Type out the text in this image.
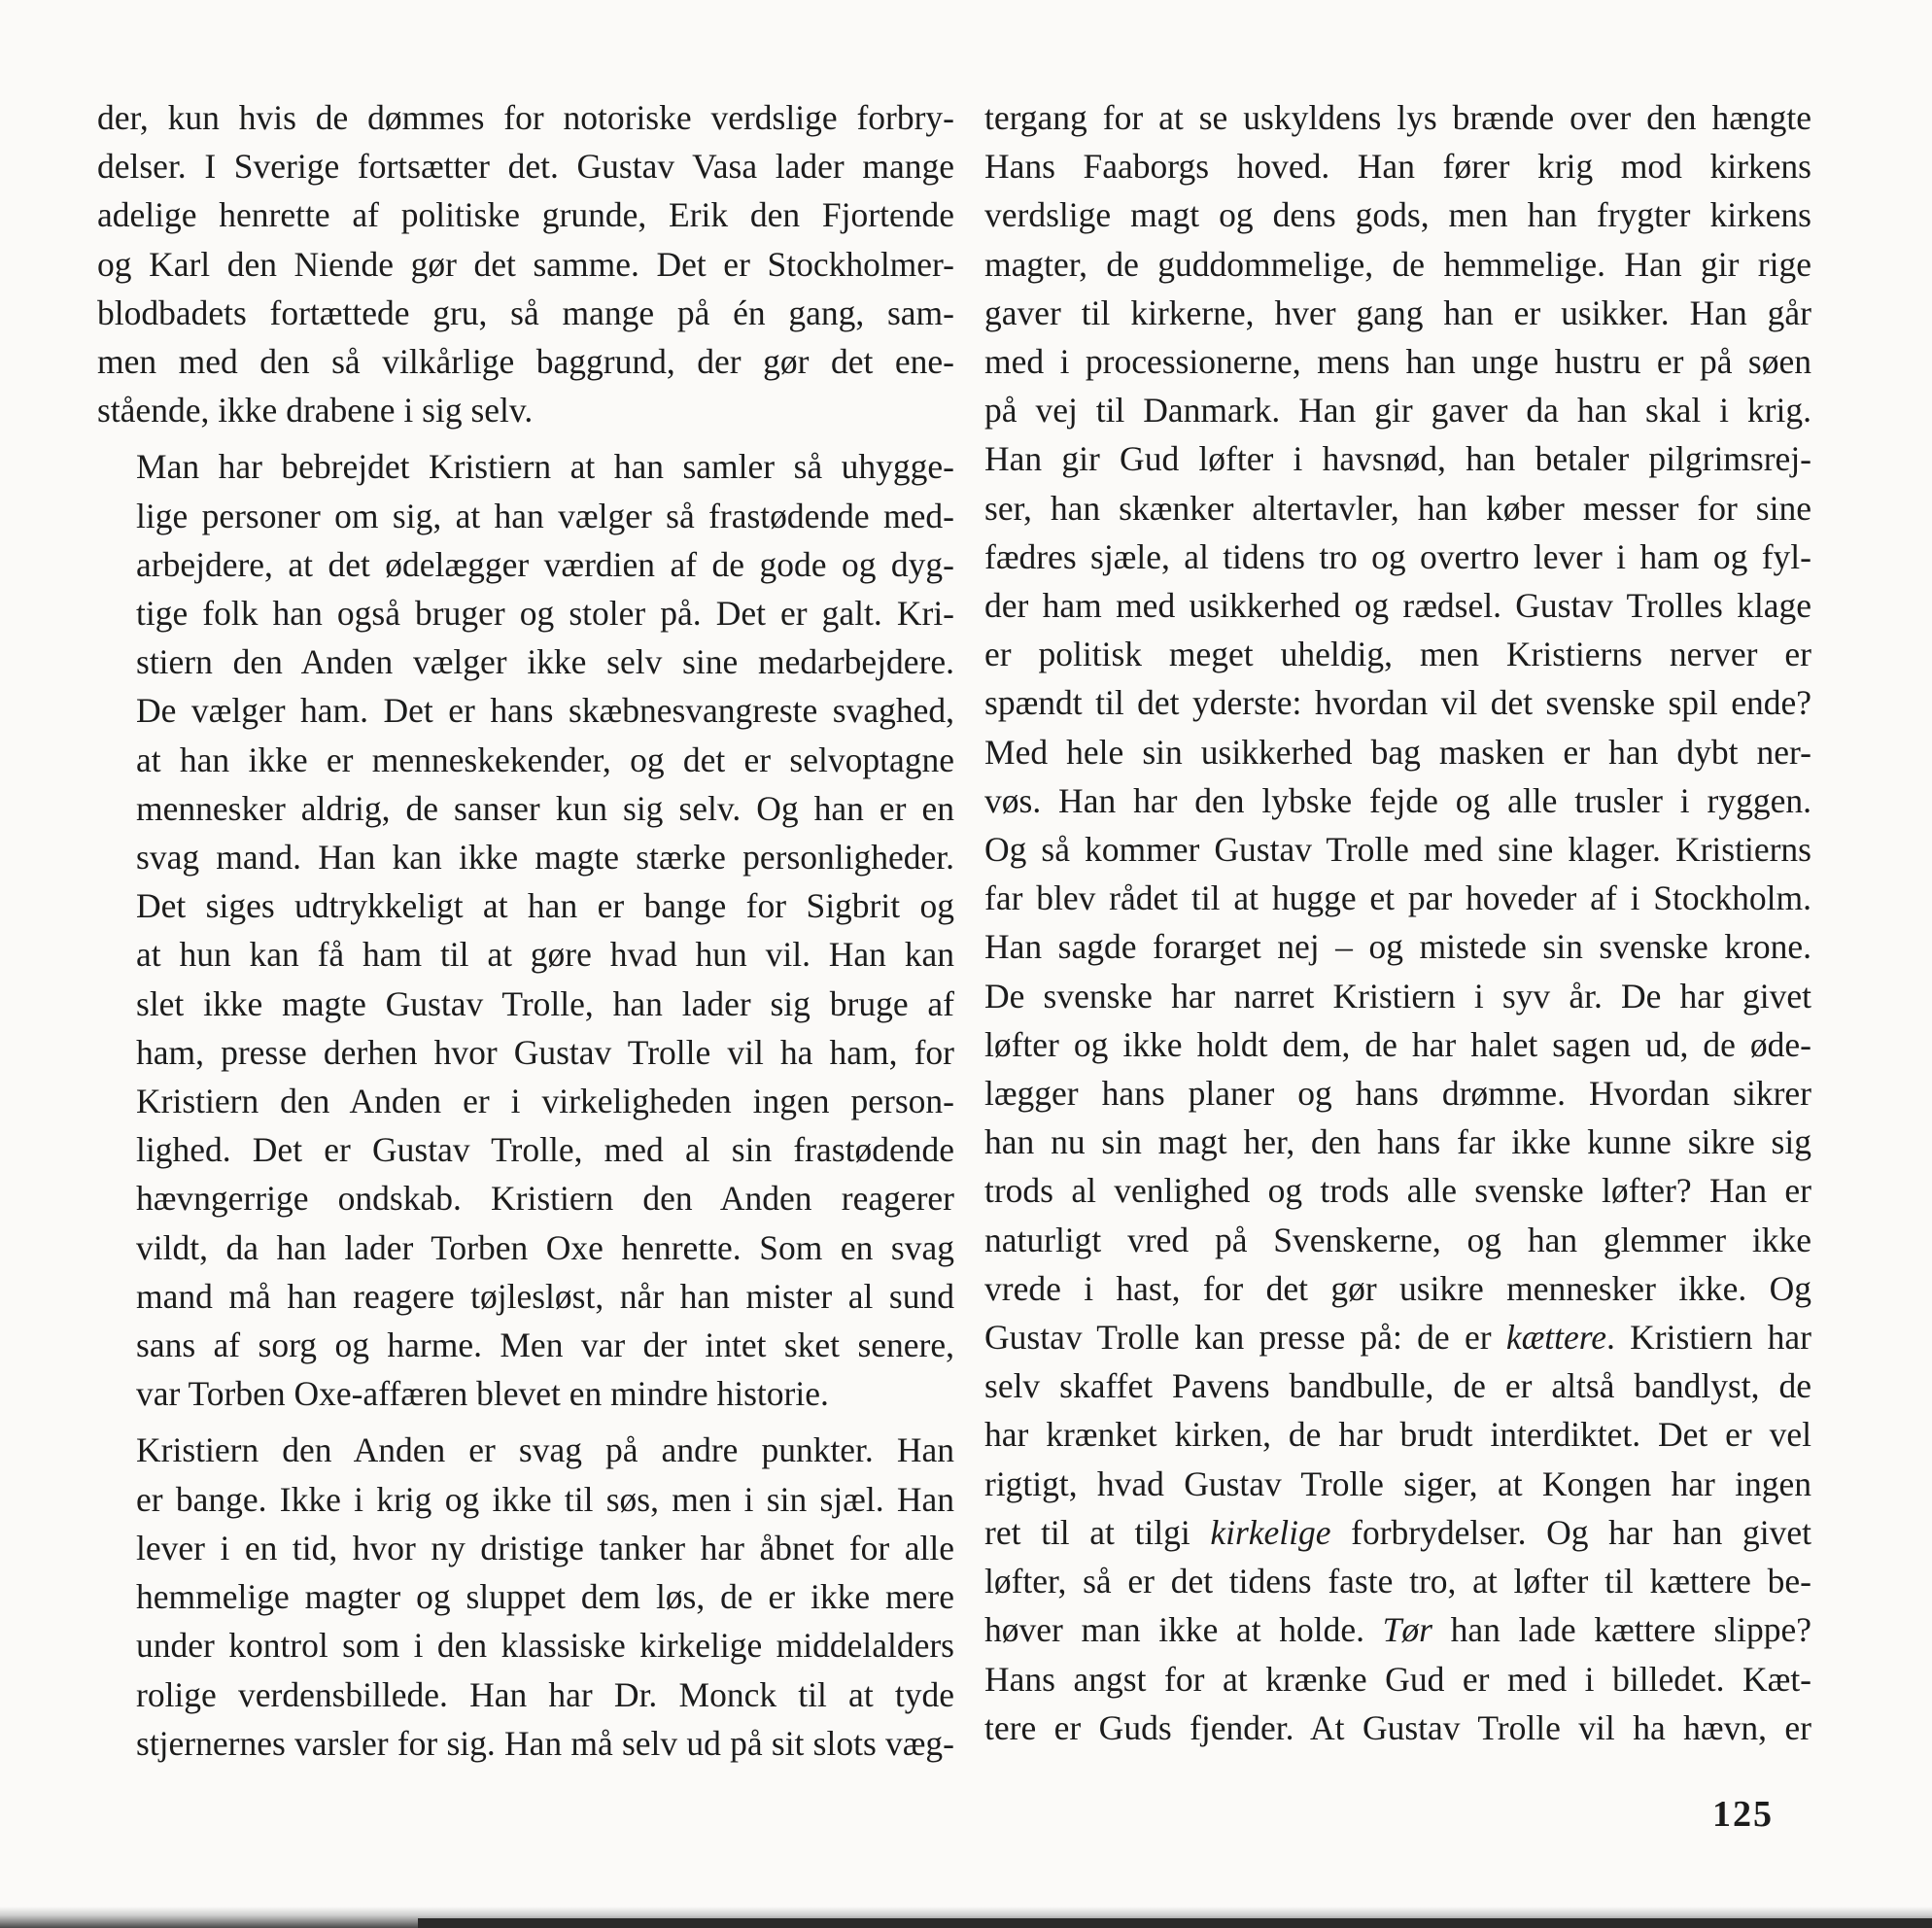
der, kun hvis de dømmes for notoriske verdslige forbry-
delser. I Sverige fortsætter det. Gustav Vasa lader mange
adelige henrette af politiske grunde, Erik den Fjortende
og Karl den Niende gør det samme. Det er Stockholmer-
blodbadets fortættede gru, så mange på én gang, sam-
men med den så vilkårlige baggrund, der gør det ene-
stående, ikke drabene i sig selv.

Man har bebrejdet Kristiern at han samler så uhygge-
lige personer om sig, at han vælger så frastødende med-
arbejdere, at det ødelægger værdien af de gode og dyg-
tige folk han også bruger og stoler på. Det er galt. Kri-
stiern den Anden vælger ikke selv sine medarbejdere.
De vælger ham. Det er hans skæbnesvangreste svaghed,
at han ikke er menneskekender, og det er selvoptagne
mennesker aldrig, de sanser kun sig selv. Og han er en
svag mand. Han kan ikke magte stærke personligheder.
Det siges udtrykkeligt at han er bange for Sigbrit og
at hun kan få ham til at gøre hvad hun vil. Han kan
slet ikke magte Gustav Trolle, han lader sig bruge af
ham, presse derhen hvor Gustav Trolle vil ha ham, for
Kristiern den Anden er i virkeligheden ingen person-
lighed. Det er Gustav Trolle, med al sin frastødende
hævngerrige ondskab. Kristiern den Anden reagerer
vildt, da han lader Torben Oxe henrette. Som en svag
mand må han reagere tøjlesløst, når han mister al sund
sans af sorg og harme. Men var der intet sket senere,
var Torben Oxe-affæren blevet en mindre historie.

Kristiern den Anden er svag på andre punkter. Han
er bange. Ikke i krig og ikke til søs, men i sin sjæl. Han
lever i en tid, hvor ny dristige tanker har åbnet for alle
hemmelige magter og sluppet dem løs, de er ikke mere
under kontrol som i den klassiske kirkelige middelalders
rolige verdensbillede. Han har Dr. Monck til at tyde
stjernernes varsler for sig. Han må selv ud på sit slots væg-

tergang for at se uskyldens lys brænde over den hængte
Hans Faaborgs hoved. Han fører krig mod kirkens
verdslige magt og dens gods, men han frygter kirkens
magter, de guddommelige, de hemmelige. Han gir rige
gaver til kirkerne, hver gang han er usikker. Han går
med i processionerne, mens han unge hustru er på søen
på vej til Danmark. Han gir gaver da han skal i krig.
Han gir Gud løfter i havsnød, han betaler pilgrimsrej-
ser, han skænker altertavler, han køber messer for sine
fædres sjæle, al tidens tro og overtro lever i ham og fyl-
der ham med usikkerhed og rædsel. Gustav Trolles klage
er politisk meget uheldig, men Kristierns nerver er
spændt til det yderste: hvordan vil det svenske spil ende?
Med hele sin usikkerhed bag masken er han dybt ner-
vøs. Han har den lybske fejde og alle trusler i ryggen.
Og så kommer Gustav Trolle med sine klager. Kristierns
far blev rådet til at hugge et par hoveder af i Stockholm.
Han sagde forarget nej – og mistede sin svenske krone.
De svenske har narret Kristiern i syv år. De har givet
løfter og ikke holdt dem, de har halet sagen ud, de øde-
lægger hans planer og hans drømme. Hvordan sikrer
han nu sin magt her, den hans far ikke kunne sikre sig
trods al venlighed og trods alle svenske løfter? Han er
naturligt vred på Svenskerne, og han glemmer ikke
vrede i hast, for det gør usikre mennesker ikke. Og
Gustav Trolle kan presse på: de er kættere. Kristiern har
selv skaffet Pavens bandbulle, de er altså bandlyst, de
har krænket kirken, de har brudt interdiktet. Det er vel
rigtigt, hvad Gustav Trolle siger, at Kongen har ingen
ret til at tilgi kirkelige forbrydelser. Og har han givet
løfter, så er det tidens faste tro, at løfter til kættere be-
høver man ikke at holde. Tør han lade kættere slippe?
Hans angst for at krænke Gud er med i billedet. Kæt-
tere er Guds fjender. At Gustav Trolle vil ha hævn, er

125
